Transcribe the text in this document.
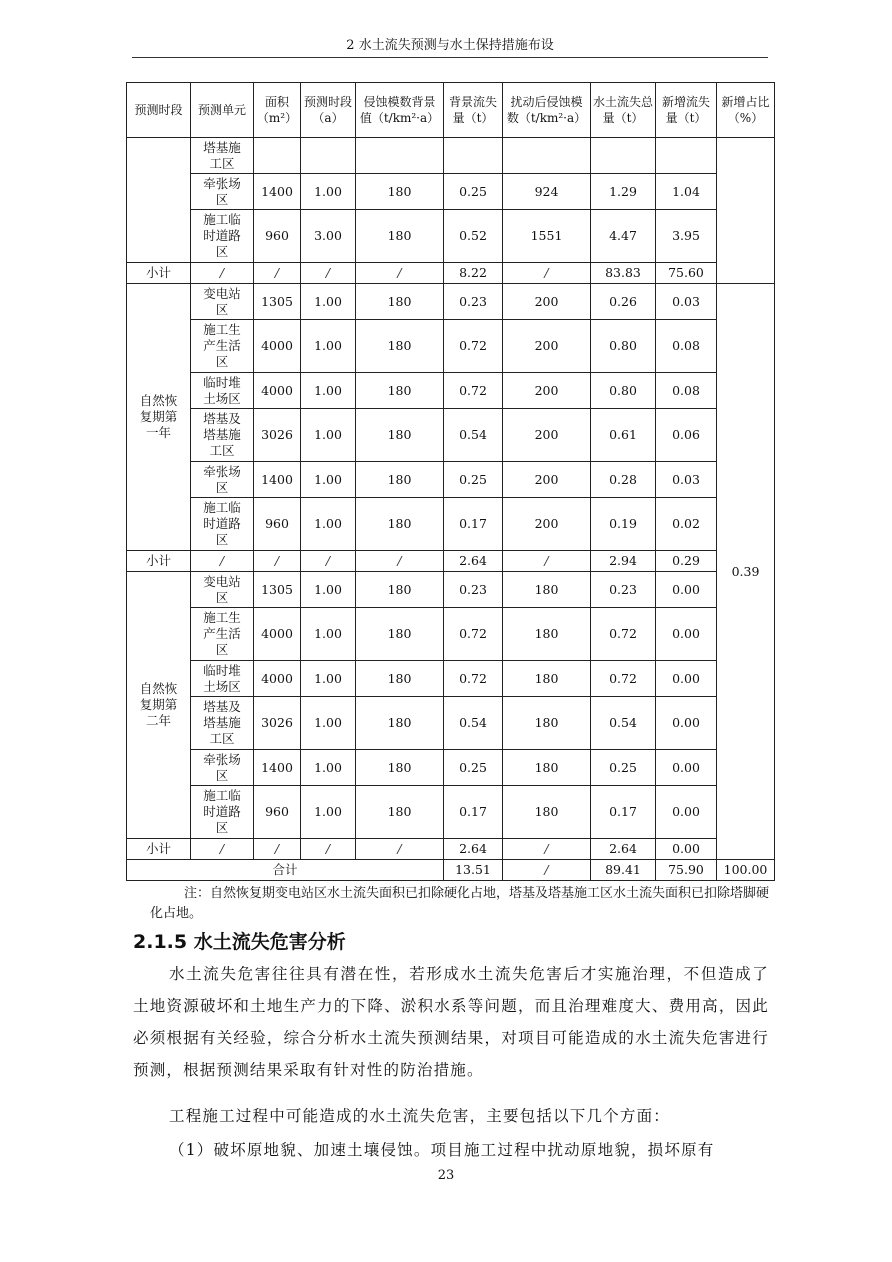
2 水土流失预测与水土保持措施布设
预测时段	预测单元	面积（m²）	预测时段（a）	侵蚀模数背景值（t/km²·a）	背景流失量（t）	扰动后侵蚀模数（t/km²·a）	水土流失总量（t）	新增流失量（t）	新增占比（%）
	塔基施工区								
	牵张场区	1400	1.00	180	0.25	924	1.29	1.04	
	施工临时道路区	960	3.00	180	0.52	1551	4.47	3.95	
小计	/	/	/	/	8.22	/	83.83	75.60	
自然恢复期第一年	变电站区	1305	1.00	180	0.23	200	0.26	0.03	0.39
	施工生产生活区	4000	1.00	180	0.72	200	0.80	0.08	
	临时堆土场区	4000	1.00	180	0.72	200	0.80	0.08	
	塔基及塔基施工区	3026	1.00	180	0.54	200	0.61	0.06	
	牵张场区	1400	1.00	180	0.25	200	0.28	0.03	
	施工临时道路区	960	1.00	180	0.17	200	0.19	0.02	
小计	/	/	/	/	2.64	/	2.94	0.29	
自然恢复期第二年	变电站区	1305	1.00	180	0.23	180	0.23	0.00	
	施工生产生活区	4000	1.00	180	0.72	180	0.72	0.00	
	临时堆土场区	4000	1.00	180	0.72	180	0.72	0.00	
	塔基及塔基施工区	3026	1.00	180	0.54	180	0.54	0.00	
	牵张场区	1400	1.00	180	0.25	180	0.25	0.00	
	施工临时道路区	960	1.00	180	0.17	180	0.17	0.00	
小计	/	/	/	/	2.64	/	2.64	0.00	
合计					13.51	/	89.41	75.90	100.00
注：自然恢复期变电站区水土流失面积已扣除硬化占地，塔基及塔基施工区水土流失面积已扣除塔脚硬化占地。
2.1.5 水土流失危害分析
水土流失危害往往具有潜在性，若形成水土流失危害后才实施治理，不但造成了土地资源破坏和土地生产力的下降、淤积水系等问题，而且治理难度大、费用高，因此必须根据有关经验，综合分析水土流失预测结果，对项目可能造成的水土流失危害进行预测，根据预测结果采取有针对性的防治措施。
工程施工过程中可能造成的水土流失危害，主要包括以下几个方面：
（1）破坏原地貌、加速土壤侵蚀。项目施工过程中扰动原地貌，损坏原有
23
